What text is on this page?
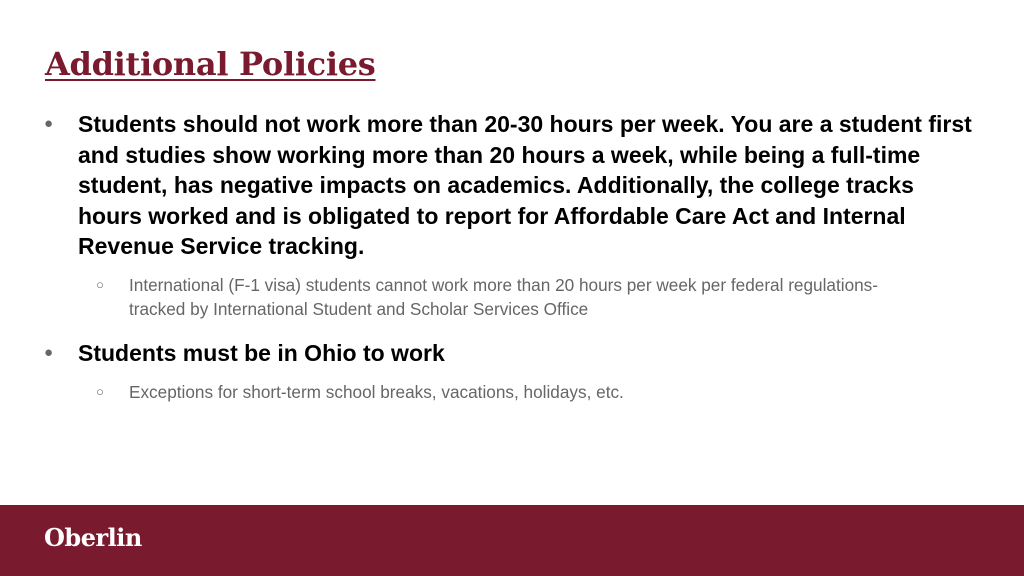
Additional Policies
●	Students should not work more than 20-30 hours per week. You are a student first and studies show working more than 20 hours a week, while being a full-time student, has negative impacts on academics. Additionally, the college tracks hours worked and is obligated to report for Affordable Care Act and Internal Revenue Service tracking.
○	International (F-1 visa) students cannot work more than 20 hours per week per federal regulations-tracked by International Student and Scholar Services Office
●	Students must be in Ohio to work
○	Exceptions for short-term school breaks, vacations, holidays, etc.
Oberlin
